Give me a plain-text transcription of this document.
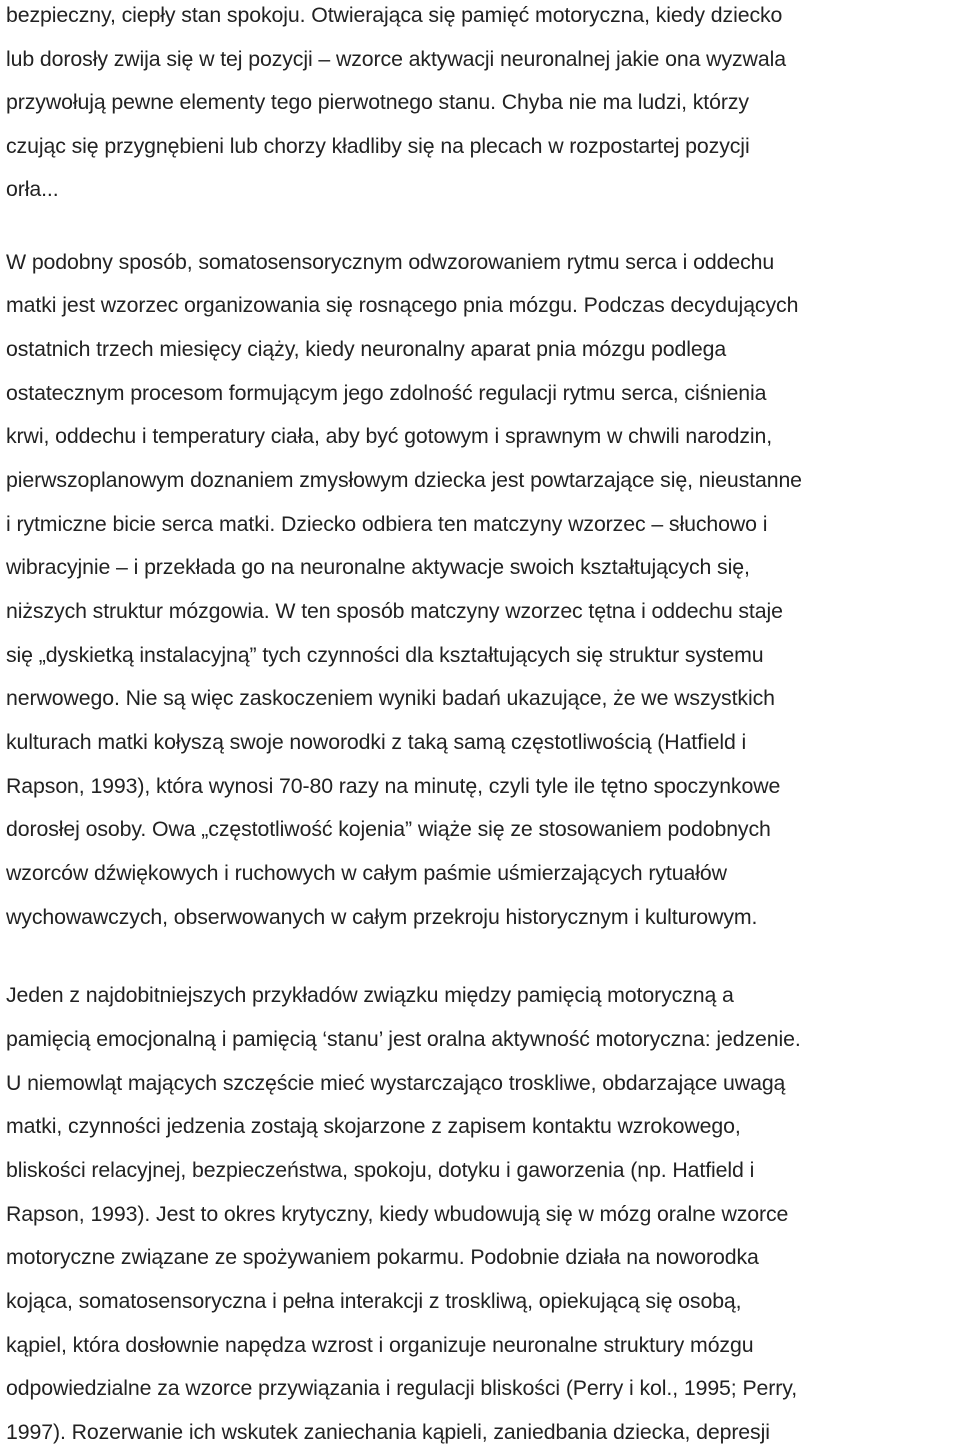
bezpieczny, ciepły stan spokoju. Otwierająca się pamięć motoryczna, kiedy dziecko
lub dorosły zwija się w tej pozycji – wzorce aktywacji neuronalnej jakie ona wyzwala
przywołują pewne elementy tego pierwotnego stanu. Chyba nie ma ludzi, którzy
czując się przygnębieni lub chorzy kładliby się na plecach w rozpostartej pozycji
orła...
W podobny sposób, somatosensorycznym odwzorowaniem rytmu serca i oddechu
matki jest wzorzec organizowania się rosnącego pnia mózgu. Podczas decydujących
ostatnich trzech miesięcy ciąży, kiedy neuronalny aparat pnia mózgu podlega
ostatecznym procesom formującym jego zdolność regulacji rytmu serca, ciśnienia
krwi, oddechu i temperatury ciała, aby być gotowym i sprawnym w chwili narodzin,
pierwszoplanowym doznaniem zmysłowym dziecka jest powtarzające się, nieustanne
i rytmiczne bicie serca matki. Dziecko odbiera ten matczyny wzorzec – słuchowo i
wibracyjnie – i przekłada go na neuronalne aktywacje swoich kształtujących się,
niższych struktur mózgowia. W ten sposób matczyny wzorzec tętna i oddechu staje
się „dyskietką instalacyjną” tych czynności dla kształtujących się struktur systemu
nerwowego. Nie są więc zaskoczeniem wyniki badań ukazujące, że we wszystkich
kulturach matki kołyszą swoje noworodki z taką samą częstotliwością (Hatfield i
Rapson, 1993), która wynosi 70-80 razy na minutę, czyli tyle ile tętno spoczynkowe
dorosłej osoby. Owa „częstotliwość kojenia” wiąże się ze stosowaniem podobnych
wzorców dźwiękowych i ruchowych w całym paśmie uśmierzających rytuałów
wychowawczych, obserwowanych w całym przekroju historycznym i kulturowym.
Jeden z najdobitniejszych przykładów związku między pamięcią motoryczną a
pamięcią emocjonalną i pamięcią ‘stanu’ jest oralna aktywność motoryczna: jedzenie.
U niemowląt mających szczęście mieć wystarczająco troskliwe, obdarzające uwagą
matki, czynności jedzenia zostają skojarzone z zapisem kontaktu wzrokowego,
bliskości relacyjnej, bezpieczeństwa, spokoju, dotyku i gaworzenia (np. Hatfield i
Rapson, 1993). Jest to okres krytyczny, kiedy wbudowują się w mózg oralne wzorce
motoryczne związane ze spożywaniem pokarmu. Podobnie działa na noworodka
kojąca, somatosensoryczna i pełna interakcji z troskliwą, opiekującą się osobą,
kąpiel, która dosłownie napędza wzrost i organizuje neuronalne struktury mózgu
odpowiedzialne za wzorce przywiązania i regulacji bliskości (Perry i kol., 1995; Perry,
1997). Rozerwanie ich wskutek zaniechania kąpieli, zaniedbania dziecka, depresji
